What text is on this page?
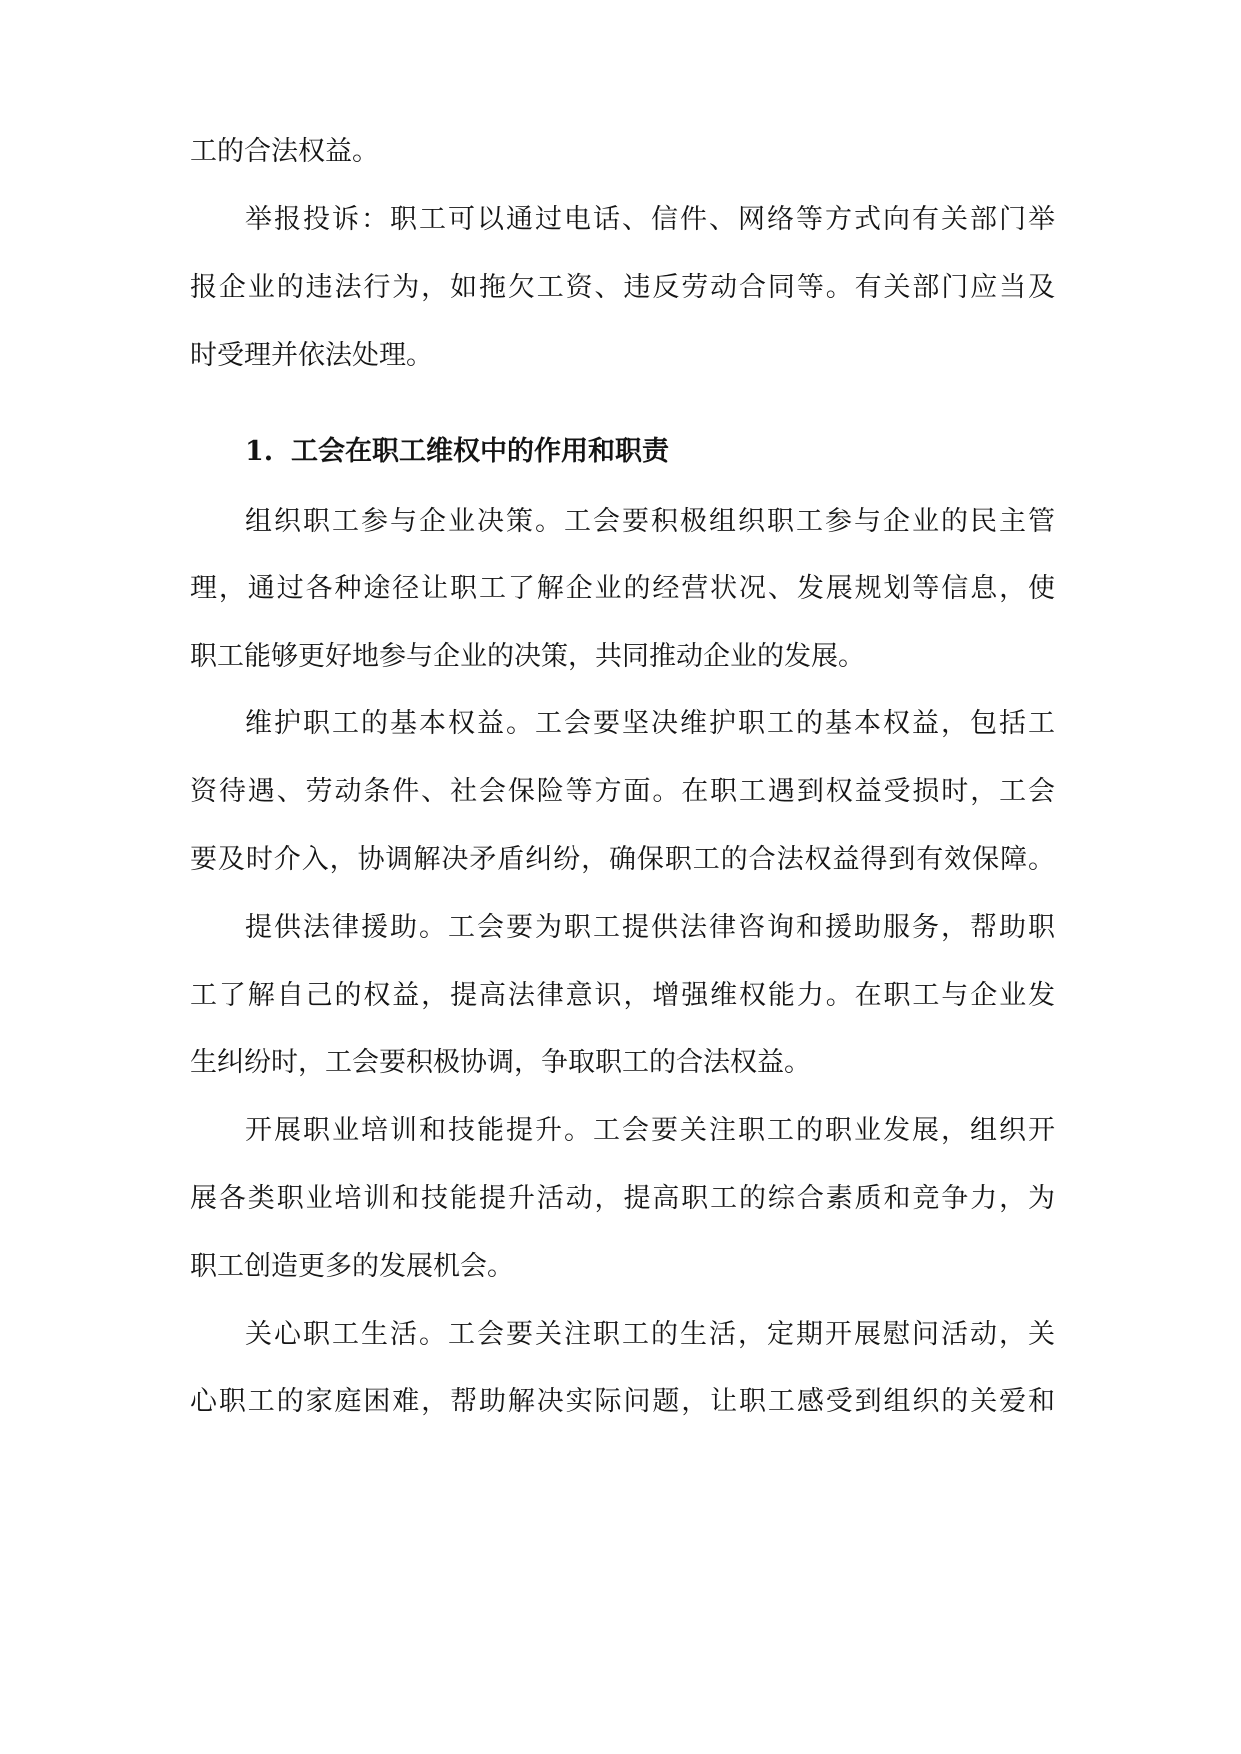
工的合法权益。
举报投诉：职工可以通过电话、信件、网络等方式向有关部门举
报企业的违法行为，如拖欠工资、违反劳动合同等。有关部门应当及
时受理并依法处理。
1. 工会在职工维权中的作用和职责
组织职工参与企业决策。工会要积极组织职工参与企业的民主管
理，通过各种途径让职工了解企业的经营状况、发展规划等信息，使
职工能够更好地参与企业的决策，共同推动企业的发展。
维护职工的基本权益。工会要坚决维护职工的基本权益，包括工
资待遇、劳动条件、社会保险等方面。在职工遇到权益受损时，工会
要及时介入，协调解决矛盾纠纷，确保职工的合法权益得到有效保障。
提供法律援助。工会要为职工提供法律咨询和援助服务，帮助职
工了解自己的权益，提高法律意识，增强维权能力。在职工与企业发
生纠纷时，工会要积极协调，争取职工的合法权益。
开展职业培训和技能提升。工会要关注职工的职业发展，组织开
展各类职业培训和技能提升活动，提高职工的综合素质和竞争力，为
职工创造更多的发展机会。
关心职工生活。工会要关注职工的生活，定期开展慰问活动，关
心职工的家庭困难，帮助解决实际问题，让职工感受到组织的关爱和
